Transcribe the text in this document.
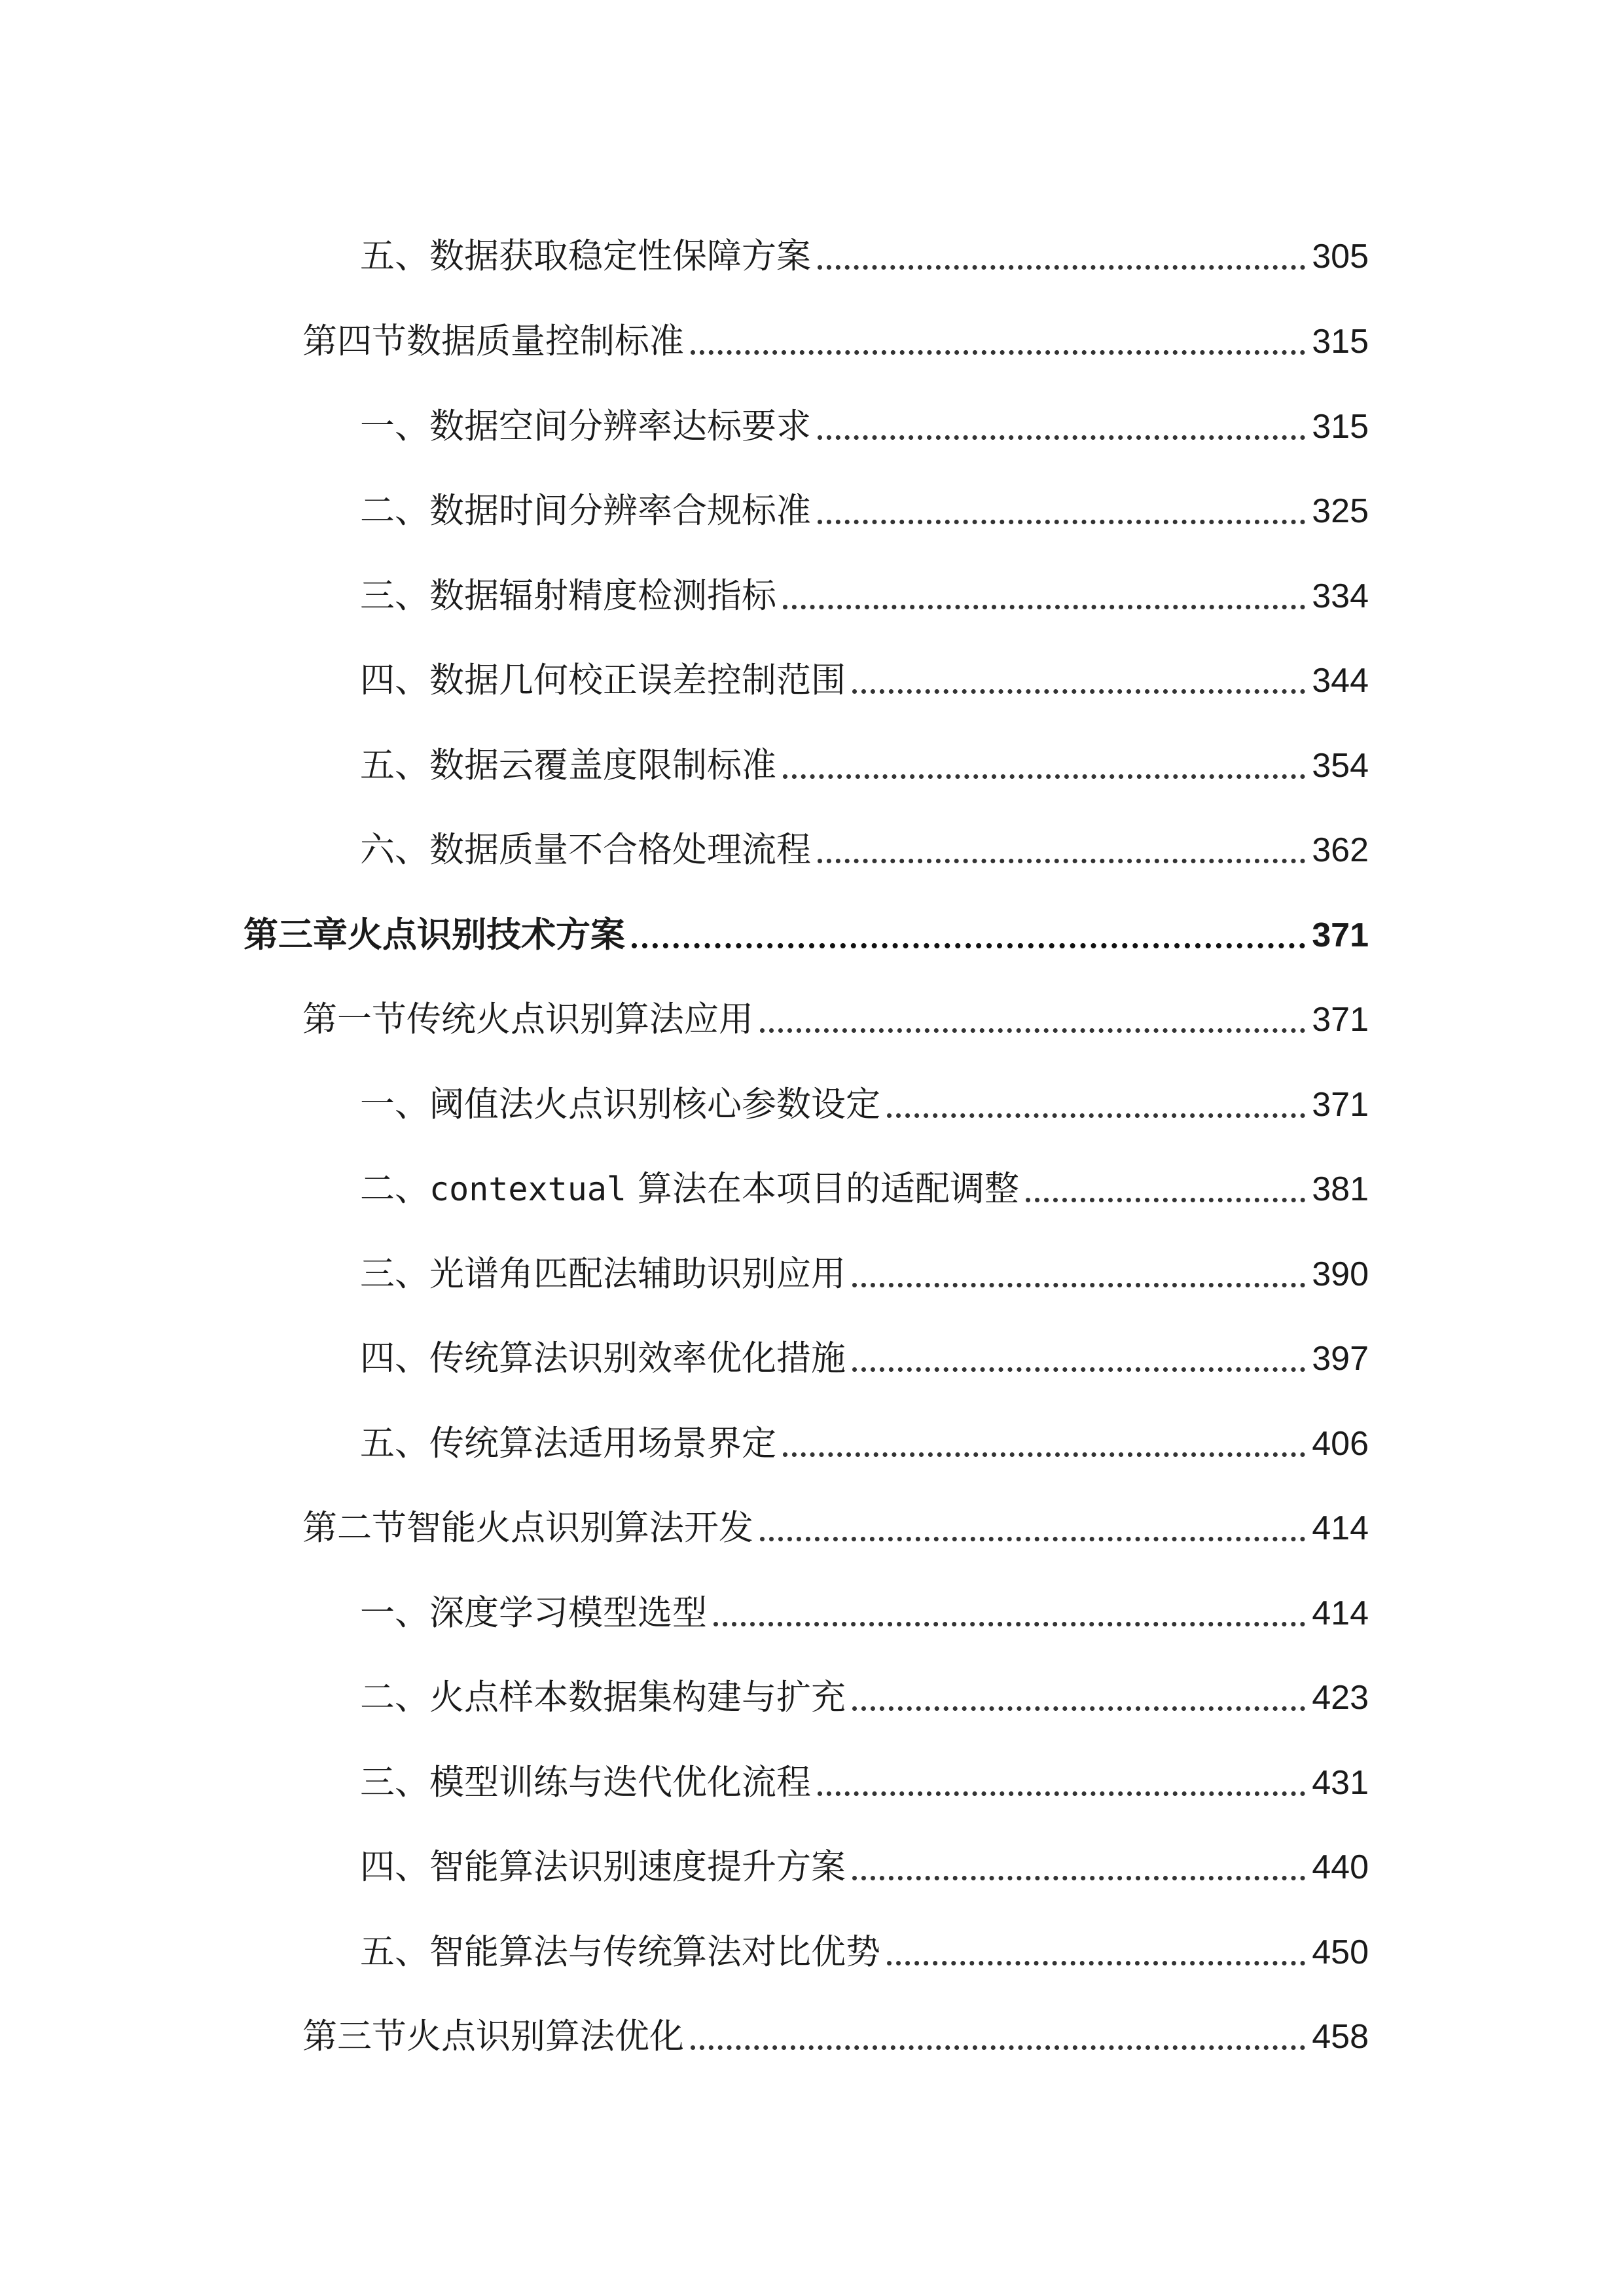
五、数据获取稳定性保障方案	305
第四节数据质量控制标准	315
一、数据空间分辨率达标要求	315
二、数据时间分辨率合规标准	325
三、数据辐射精度检测指标	334
四、数据几何校正误差控制范围	344
五、数据云覆盖度限制标准	354
六、数据质量不合格处理流程	362
第三章火点识别技术方案	371
第一节传统火点识别算法应用	371
一、阈值法火点识别核心参数设定	371
二、contextual 算法在本项目的适配调整	381
三、光谱角匹配法辅助识别应用	390
四、传统算法识别效率优化措施	397
五、传统算法适用场景界定	406
第二节智能火点识别算法开发	414
一、深度学习模型选型	414
二、火点样本数据集构建与扩充	423
三、模型训练与迭代优化流程	431
四、智能算法识别速度提升方案	440
五、智能算法与传统算法对比优势	450
第三节火点识别算法优化	458
